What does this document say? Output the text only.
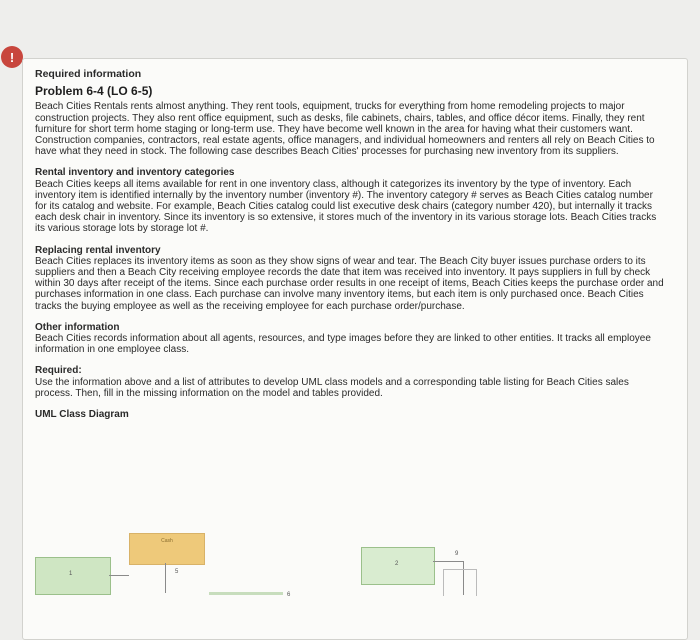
!
Required information
Problem 6-4 (LO 6-5)
Beach Cities Rentals rents almost anything. They rent tools, equipment, trucks for everything from home remodeling projects to major construction projects. They also rent office equipment, such as desks, file cabinets, chairs, tables, and office décor items. Finally, they rent furniture for short term home staging or long-term use. They have become well known in the area for having what their customers want. Construction companies, contractors, real estate agents, office managers, and individual homeowners and renters all rely on Beach Cities to have what they need in stock. The following case describes Beach Cities' processes for purchasing new inventory from its suppliers.
Rental inventory and inventory categories
Beach Cities keeps all items available for rent in one inventory class, although it categorizes its inventory by the type of inventory. Each inventory item is identified internally by the inventory number (inventory #). The inventory category # serves as Beach Cities catalog number for its catalog and website. For example, Beach Cities catalog could list executive desk chairs (category number 420), but internally it tracks each desk chair in inventory. Since its inventory is so extensive, it stores much of the inventory in its various storage lots. Beach Cities tracks its various storage lots by storage lot #.
Replacing rental inventory
Beach Cities replaces its inventory items as soon as they show signs of wear and tear. The Beach City buyer issues purchase orders to its suppliers and then a Beach City receiving employee records the date that item was received into inventory. It pays suppliers in full by check within 30 days after receipt of the items. Since each purchase order results in one receipt of items, Beach Cities keeps the purchase order and purchases information in one class. Each purchase can involve many inventory items, but each item is only purchased once. Beach Cities tracks the buying employee as well as the receiving employee for each purchase order/purchase.
Other information
Beach Cities records information about all agents, resources, and type images before they are linked to other entities. It tracks all employee information in one employee class.
Required:
Use the information above and a list of attributes to develop UML class models and a corresponding table listing for Beach Cities sales process. Then, fill in the missing information on the model and tables provided.
UML Class Diagram
Cash
1	5
6
2
9
